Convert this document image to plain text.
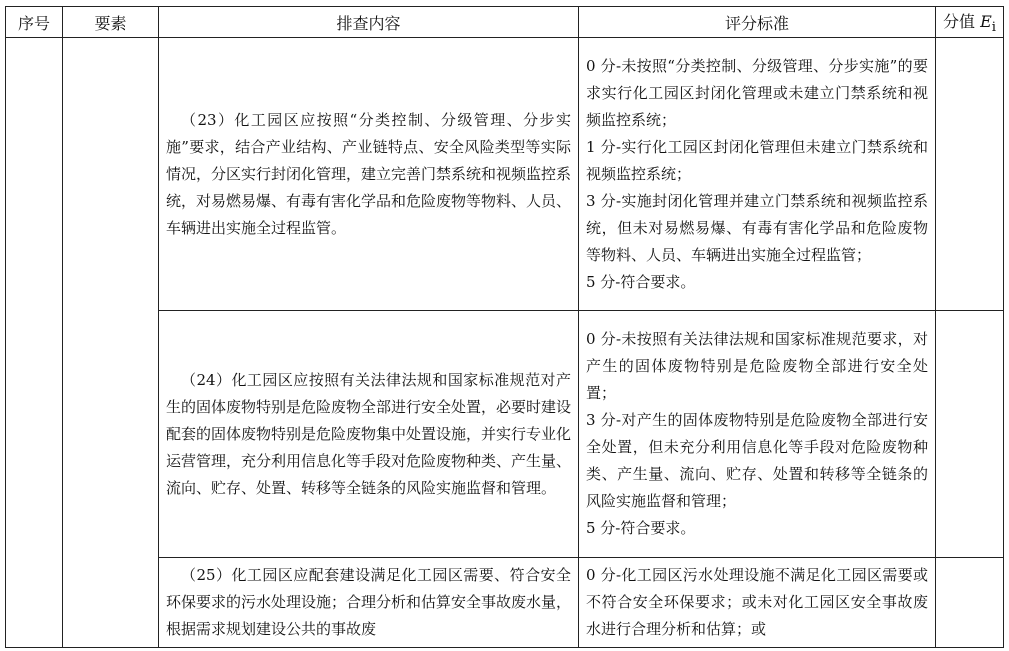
序号	要素	排查内容	评分标准	分值 $E_i$

		（23）化工园区应按照“分类控制、分级管理、分步实施”要求，结合产业结构、产业链特点、安全风险类型等实际情况，分区实行封闭化管理，建立完善门禁系统和视频监控系统，对易燃易爆、有毒有害化学品和危险废物等物料、人员、车辆进出实施全过程监管。	0 分-未按照“分类控制、分级管理、分步实施”的要求实行化工园区封闭化管理或未建立门禁系统和视频监控系统；
1 分-实行化工园区封闭化管理但未建立门禁系统和视频监控系统；
3 分-实施封闭化管理并建立门禁系统和视频监控系统，但未对易燃易爆、有毒有害化学品和危险废物等物料、人员、车辆进出实施全过程监管；
5 分-符合要求。	

		（24）化工园区应按照有关法律法规和国家标准规范对产生的固体废物特别是危险废物全部进行安全处置，必要时建设配套的固体废物特别是危险废物集中处置设施，并实行专业化运营管理，充分利用信息化等手段对危险废物种类、产生量、流向、贮存、处置、转移等全链条的风险实施监督和管理。	0 分-未按照有关法律法规和国家标准规范要求，对产生的固体废物特别是危险废物全部进行安全处置；
3 分-对产生的固体废物特别是危险废物全部进行安全处置，但未充分利用信息化等手段对危险废物种类、产生量、流向、贮存、处置和转移等全链条的风险实施监督和管理；
5 分-符合要求。	

		（25）化工园区应配套建设满足化工园区需要、符合安全环保要求的污水处理设施；合理分析和估算安全事故废水量，根据需求规划建设公共的事故废	0 分-化工园区污水处理设施不满足化工园区需要或不符合安全环保要求；或未对化工园区安全事故废水进行合理分析和估算；或	
